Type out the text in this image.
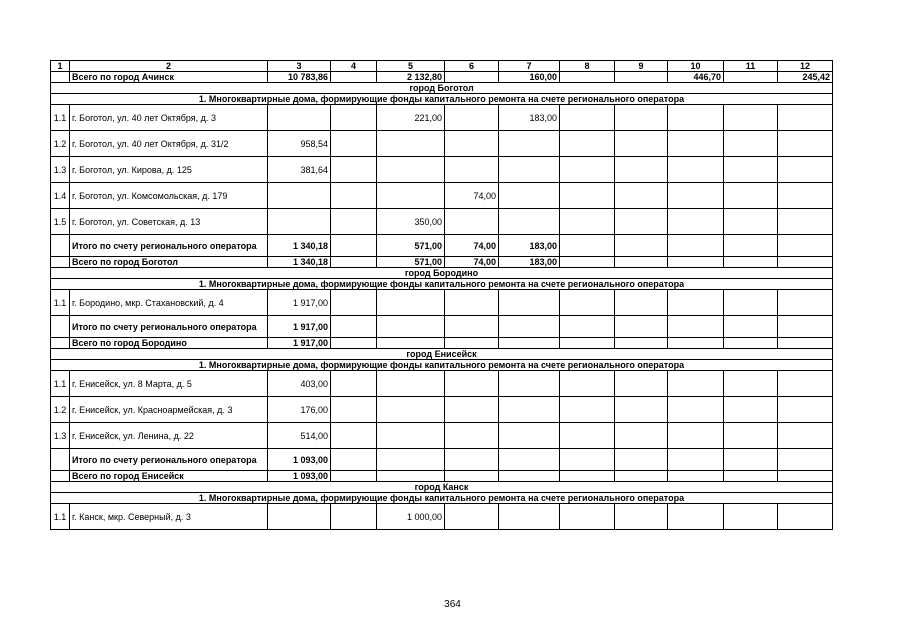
1	2	3	4	5	6	7	8	9	10	11	12
	Всего по город Ачинск	10 783,86		2 132,80		160,00			446,70		245,42
город Боготол											
1. Многоквартирные дома, формирующие фонды капитального ремонта на счете регионального оператора											
1.1	г. Боготол, ул. 40 лет Октября, д. 3			221,00		183,00					
1.2	г. Боготол, ул. 40 лет Октября, д. 31/2	958,54									
1.3	г. Боготол, ул. Кирова, д. 125	381,64									
1.4	г. Боготол, ул. Комсомольская, д. 179				74,00						
1.5	г. Боготол, ул. Советская, д. 13			350,00							
	Итого по счету регионального оператора	1 340,18		571,00	74,00	183,00					
	Всего по город Боготол	1 340,18		571,00	74,00	183,00					
город Бородино											
1. Многоквартирные дома, формирующие фонды капитального ремонта на счете регионального оператора											
1.1	г. Бородино, мкр. Стахановский, д. 4	1 917,00									
	Итого по счету регионального оператора	1 917,00									
	Всего по город Бородино	1 917,00									
город Енисейск											
1. Многоквартирные дома, формирующие фонды капитального ремонта на счете регионального оператора											
1.1	г. Енисейск, ул. 8 Марта, д. 5	403,00									
1.2	г. Енисейск, ул. Красноармейская, д. 3	176,00									
1.3	г. Енисейск, ул. Ленина, д. 22	514,00									
	Итого по счету регионального оператора	1 093,00									
	Всего по город Енисейск	1 093,00									
город Канск											
1. Многоквартирные дома, формирующие фонды капитального ремонта на счете регионального оператора											
1.1	г. Канск, мкр. Северный, д. 3			1 000,00							
364
